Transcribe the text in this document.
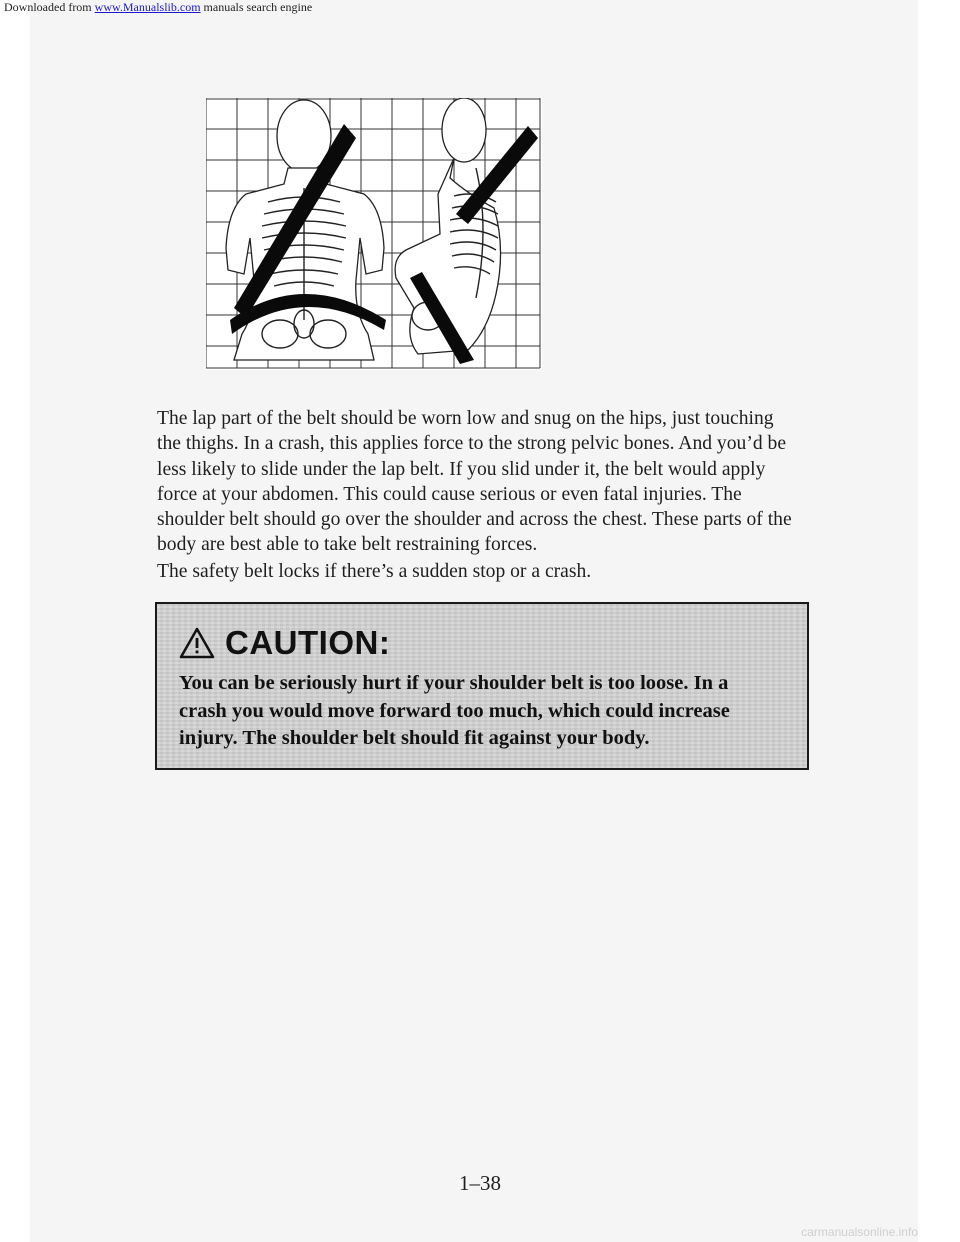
Downloaded from www.Manualslib.com manuals search engine

The lap part of the belt should be worn low and snug on the hips, just touching the thighs. In a crash, this applies force to the strong pelvic bones. And you’d be less likely to slide under the lap belt. If you slid under it, the belt would apply force at your abdomen. This could cause serious or even fatal injuries. The shoulder belt should go over the shoulder and across the chest. These parts of the body are best able to take belt restraining forces.

The safety belt locks if there’s a sudden stop or a crash.

CAUTION:

You can be seriously hurt if your shoulder belt is too loose. In a crash you would move forward too much, which could increase injury. The shoulder belt should fit against your body.

1–38
carmanualsonline.info
